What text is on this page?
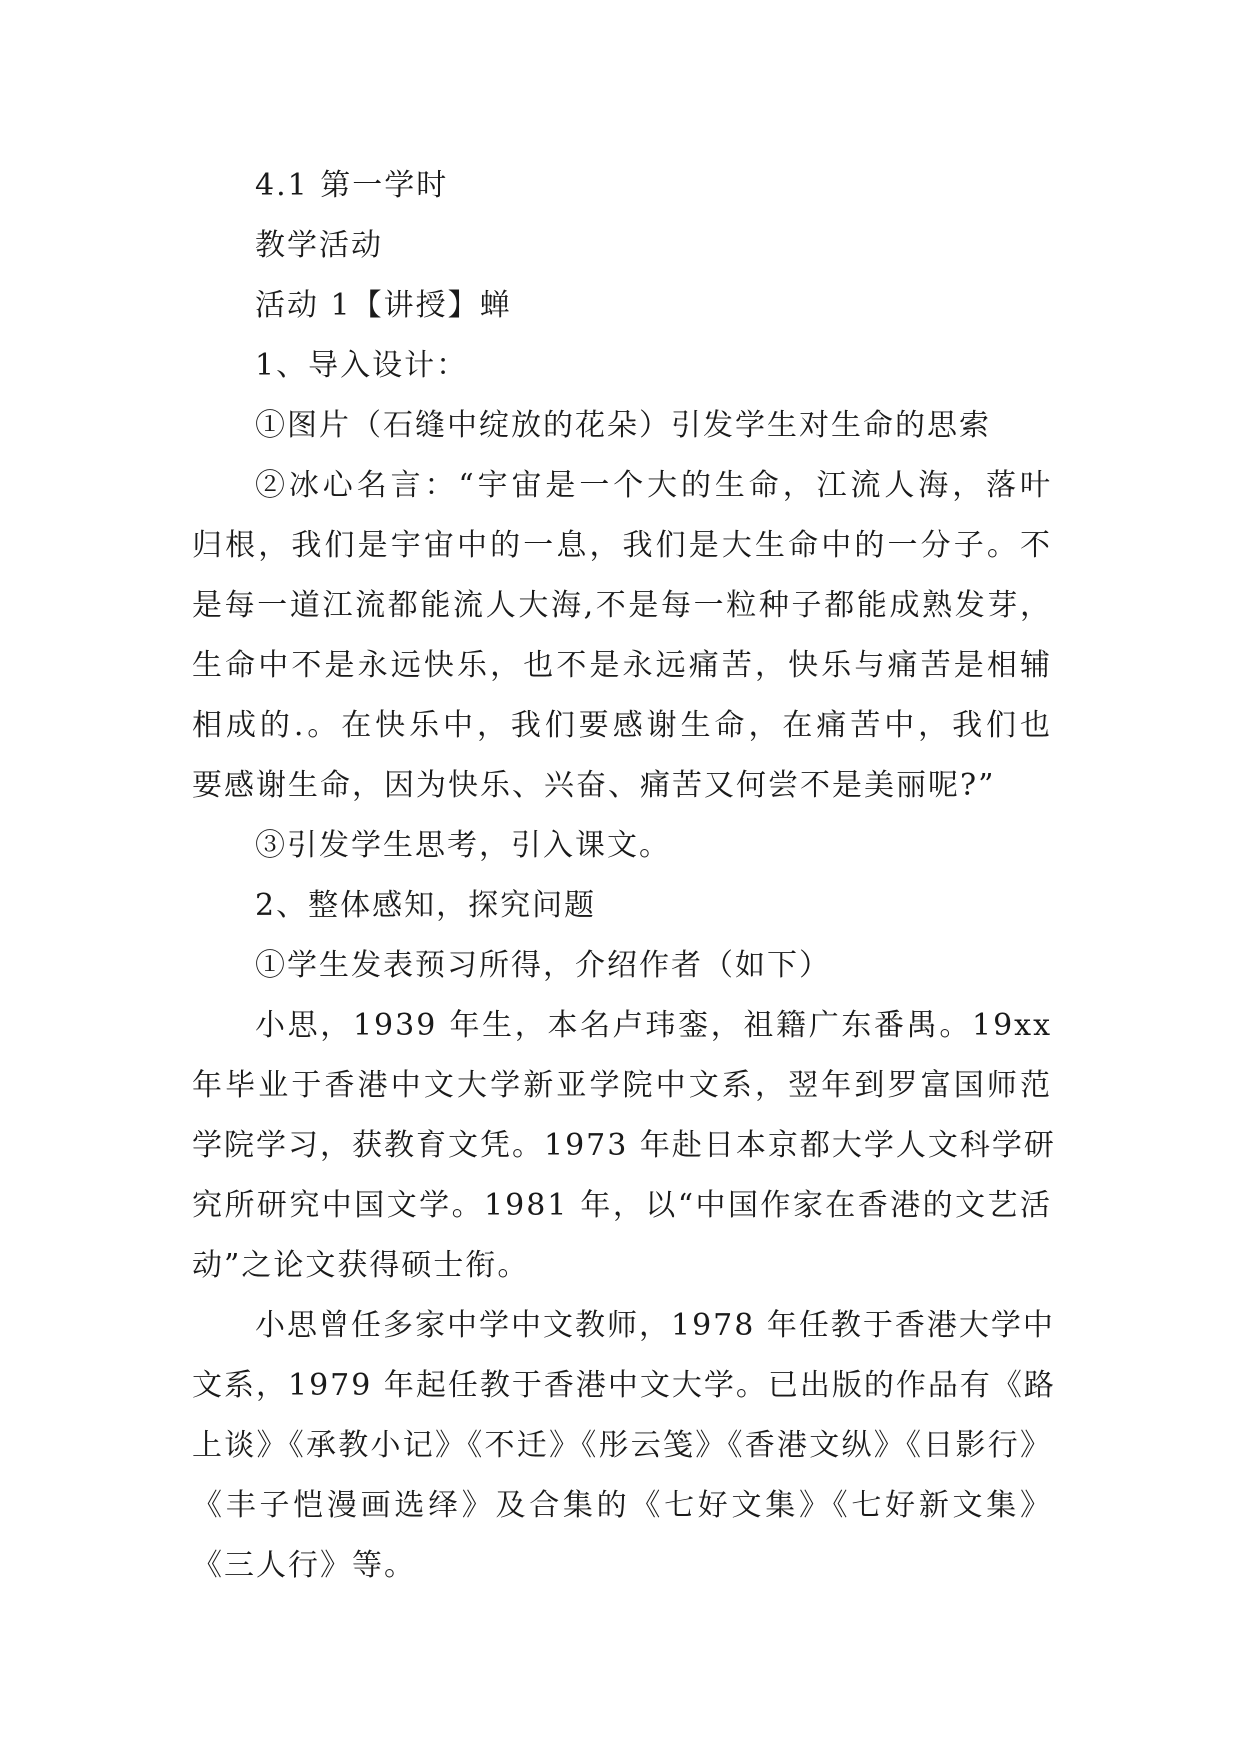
4.1 第一学时
教学活动
活动 1【讲授】蝉
1、导入设计：
①图片（石缝中绽放的花朵）引发学生对生命的思索
②冰心名言：“宇宙是一个大的生命，江流人海，落叶
归根，我们是宇宙中的一息，我们是大生命中的一分子。不
是每一道江流都能流人大海,不是每一粒种子都能成熟发芽，
生命中不是永远快乐，也不是永远痛苦，快乐与痛苦是相辅
相成的.。在快乐中，我们要感谢生命，在痛苦中，我们也
要感谢生命，因为快乐、兴奋、痛苦又何尝不是美丽呢?”
③引发学生思考，引入课文。
2、整体感知，探究问题
①学生发表预习所得，介绍作者（如下）
小思，1939 年生，本名卢玮銮，祖籍广东番禺。19xx
年毕业于香港中文大学新亚学院中文系，翌年到罗富国师范
学院学习，获教育文凭。1973 年赴日本京都大学人文科学研
究所研究中国文学。1981 年，以“中国作家在香港的文艺活
动”之论文获得硕士衔。
小思曾任多家中学中文教师，1978 年任教于香港大学中
文系，1979 年起任教于香港中文大学。已出版的作品有《路
上谈》《承教小记》《不迁》《彤云笺》《香港文纵》《日影行》
《丰子恺漫画选绎》及合集的《七好文集》《七好新文集》
《三人行》等。
